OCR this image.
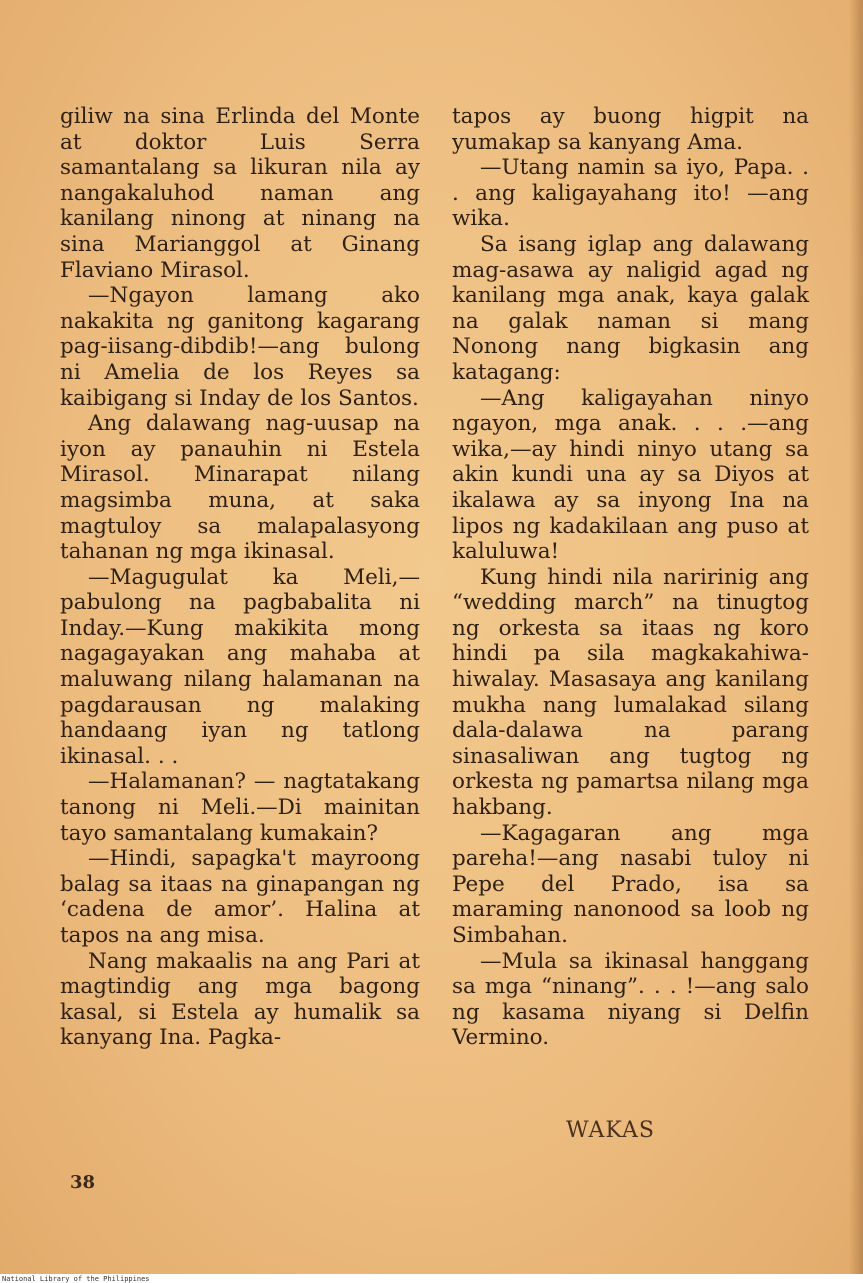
giliw na sina Erlinda del Monte at doktor Luis Serra samantalang sa likuran nila ay nangakaluhod naman ang kanilang ninong at ninang na sina Marianggol at Ginang Flaviano Mirasol.

—Ngayon lamang ako nakakita ng ganitong kagarang pag-iisang-dibdib!—ang bulong ni Amelia de los Reyes sa kaibigang si Inday de los Santos.

Ang dalawang nag-uusap na iyon ay panauhin ni Estela Mirasol. Minarapat nilang magsimba muna, at saka magtuloy sa malapalasyong tahanan ng mga ikinasal.

—Magugulat ka Meli,—pabulong na pagbabalita ni Inday.—Kung makikita mong nagagayakan ang mahaba at maluwang nilang halamanan na pagdarausan ng malaking handaang iyan ng tatlong ikinasal. . .

—Halamanan? — nagtatakang tanong ni Meli.—Di mainitan tayo samantalang kumakain?

—Hindi, sapagka't mayroong balag sa itaas na ginapangan ng ‘cadena de amor’. Halina at tapos na ang misa.

Nang makaalis na ang Pari at magtindig ang mga bagong kasal, si Estela ay humalik sa kanyang Ina. Pagka-

tapos ay buong higpit na yumakap sa kanyang Ama.

—Utang namin sa iyo, Papa. . . ang kaligayahang ito! —ang wika.

Sa isang iglap ang dalawang mag-asawa ay naligid agad ng kanilang mga anak, kaya galak na galak naman si mang Nonong nang bigkasin ang katagang:

—Ang kaligayahan ninyo ngayon, mga anak. . . .—ang wika,—ay hindi ninyo utang sa akin kundi una ay sa Diyos at ikalawa ay sa inyong Ina na lipos ng kadakilaan ang puso at kaluluwa!

Kung hindi nila naririnig ang “wedding march” na tinugtog ng orkesta sa itaas ng koro hindi pa sila magkakahiwa-hiwalay. Masasaya ang kanilang mukha nang lumalakad silang dala-dalawa na parang sinasaliwan ang tugtog ng orkesta ng pamartsa nilang mga hakbang.

—Kagagaran ang mga pareha!—ang nasabi tuloy ni Pepe del Prado, isa sa maraming nanonood sa loob ng Simbahan.

—Mula sa ikinasal hanggang sa mga “ninang”. . . !—ang salo ng kasama niyang si Delfin Vermino.

WAKAS
38
National Library of the Philippines
